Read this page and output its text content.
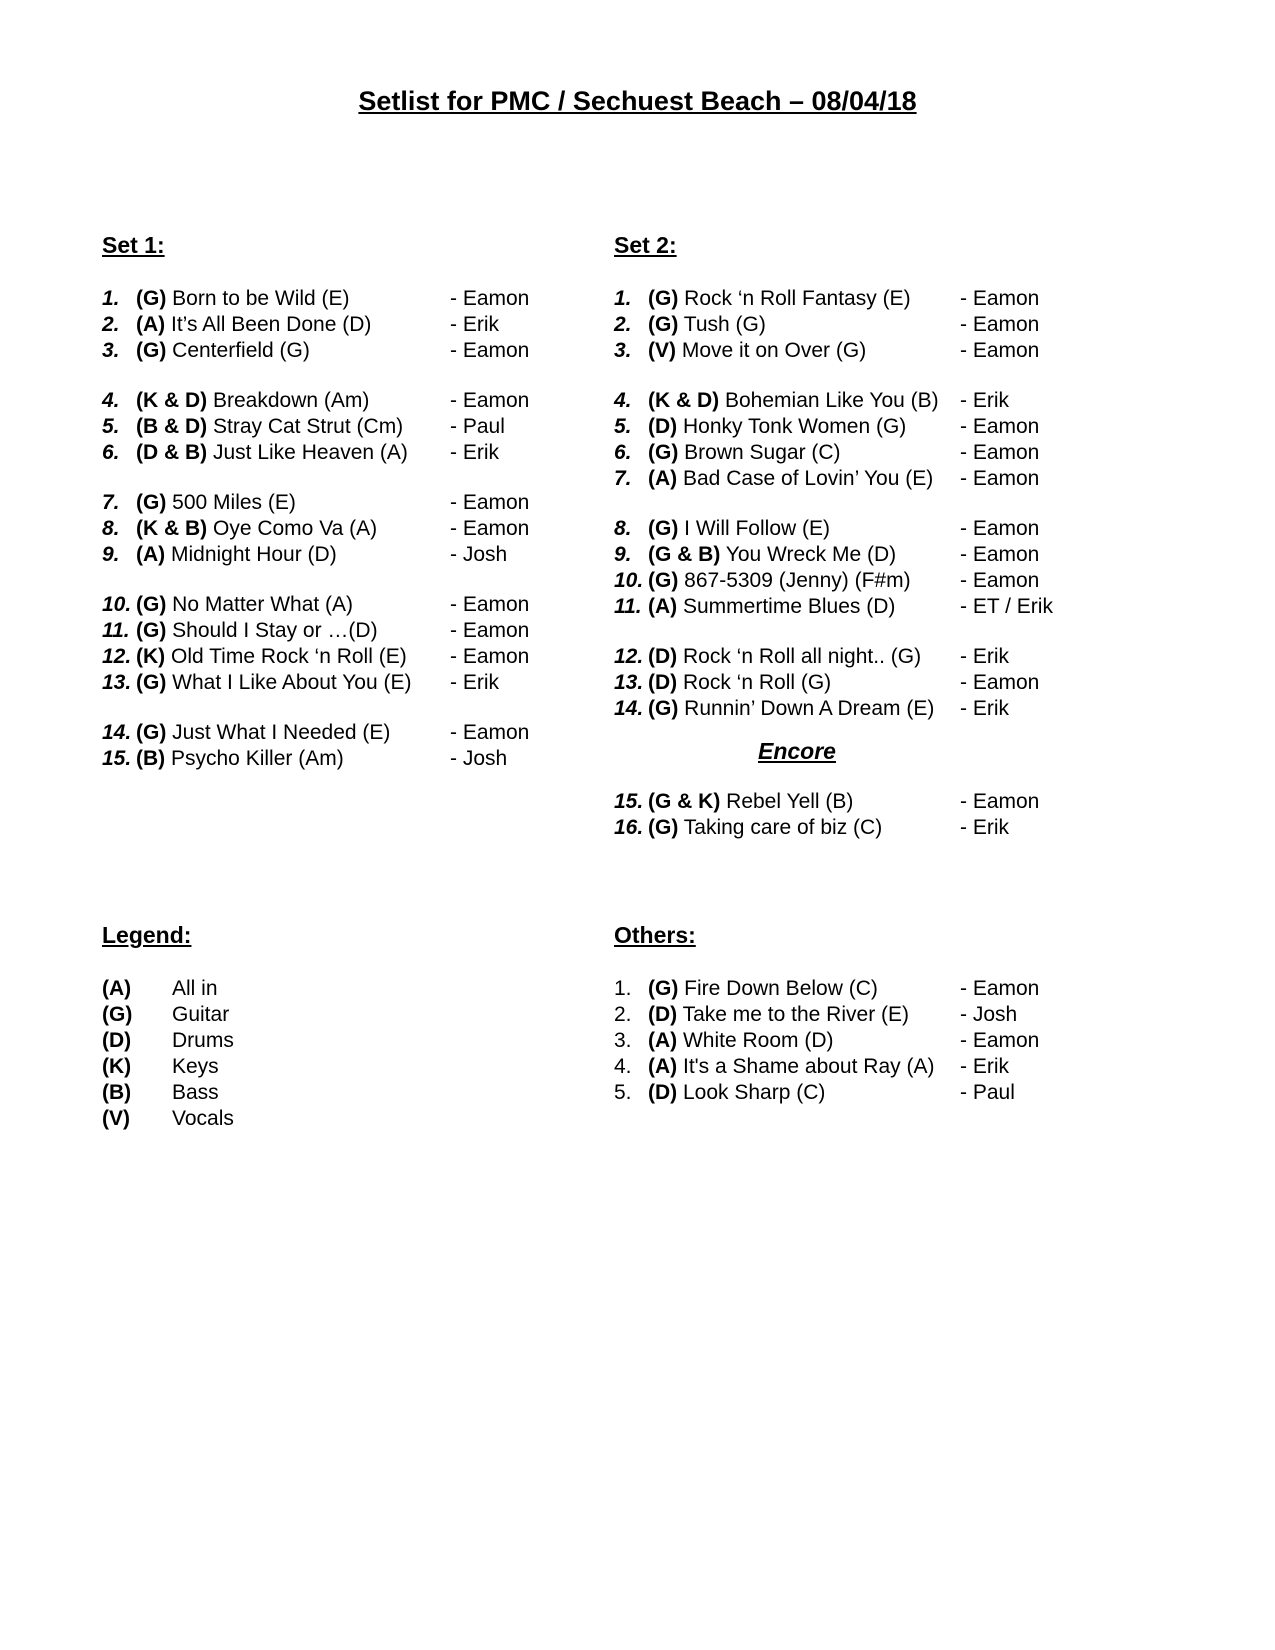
Setlist for PMC / Sechuest Beach – 08/04/18
Set 1:
1. (G) Born to be Wild (E)	- Eamon
2. (A) It’s All Been Done (D)	- Erik
3. (G) Centerfield (G)	- Eamon
4. (K & D) Breakdown (Am)	- Eamon
5. (B & D) Stray Cat Strut (Cm) - Paul
6. (D & B) Just Like Heaven (A) - Erik
7. (G) 500 Miles (E)	- Eamon
8. (K & B) Oye Como Va (A)	- Eamon
9. (A) Midnight Hour (D)	- Josh
10. (G) No Matter What (A)	- Eamon
11. (G) Should I Stay or …(D)	- Eamon
12. (K) Old Time Rock ‘n Roll (E) - Eamon
13. (G) What I Like About You (E) - Erik
14. (G) Just What I Needed (E)	- Eamon
15. (B) Psycho Killer (Am)	- Josh
Set 2:
1. (G) Rock ‘n Roll Fantasy (E) - Eamon
2. (G) Tush (G)	- Eamon
3. (V) Move it on Over (G)	- Eamon
4. (K & D) Bohemian Like You (B) - Erik
5. (D) Honky Tonk Women (G)	- Eamon
6. (G) Brown Sugar (C)	- Eamon
7. (A) Bad Case of Lovin’ You (E) - Eamon
8. (G) I Will Follow (E)	- Eamon
9. (G & B) You Wreck Me (D)	- Eamon
10. (G) 867-5309 (Jenny) (F#m) - Eamon
11. (A) Summertime Blues (D)	- ET / Erik
12. (D) Rock ‘n Roll all night.. (G) - Erik
13. (D) Rock ‘n Roll (G)	- Eamon
14. (G) Runnin’ Down A Dream (E) - Erik
Encore
15. (G & K) Rebel Yell (B)	- Eamon
16. (G) Taking care of biz (C)	- Erik
Legend:
(A) All in
(G) Guitar
(D) Drums
(K) Keys
(B) Bass
(V) Vocals
Others:
1. (G) Fire Down Below (C)	- Eamon
2. (D) Take me to the River (E) - Josh
3. (A) White Room (D)	- Eamon
4. (A) It's a Shame about Ray (A) - Erik
5. (D) Look Sharp (C)	- Paul
